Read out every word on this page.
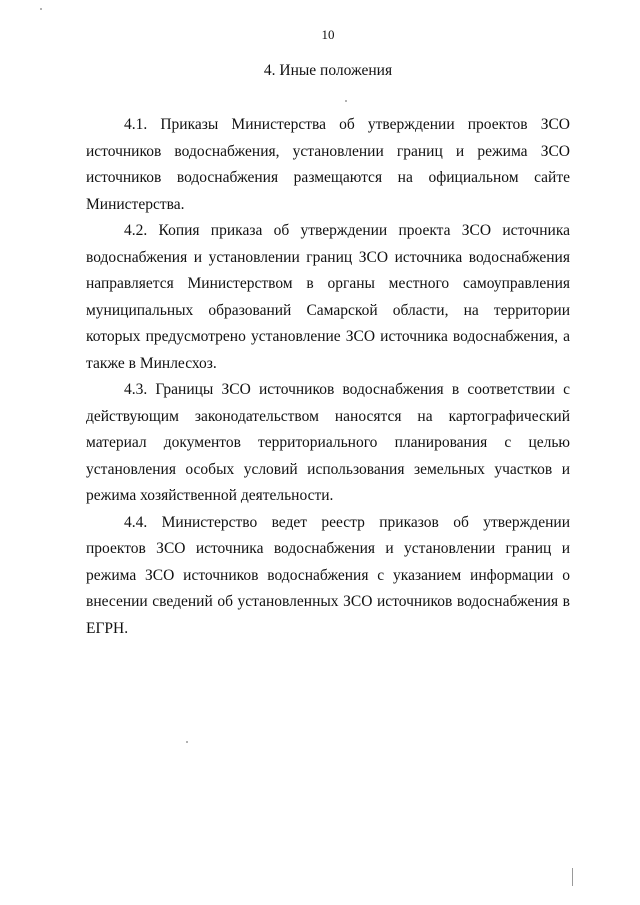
10
4. Иные положения

4.1. Приказы Министерства об утверждении проектов ЗСО источников водоснабжения, установлении границ и режима ЗСО источников водоснабжения размещаются на официальном сайте Министерства.

4.2. Копия приказа об утверждении проекта ЗСО источника водоснабжения и установлении границ ЗСО источника водоснабжения направляется Министерством в органы местного самоуправления муниципальных образований Самарской области, на территории которых предусмотрено установление ЗСО источника водоснабжения, а также в Минлесхоз.

4.3. Границы ЗСО источников водоснабжения в соответствии с действующим законодательством наносятся на картографический материал документов территориального планирования с целью установления особых условий использования земельных участков и режима хозяйственной деятельности.

4.4. Министерство ведет реестр приказов об утверждении проектов ЗСО источника водоснабжения и установлении границ и режима ЗСО источников водоснабжения с указанием информации о внесении сведений об установленных ЗСО источников водоснабжения в ЕГРН.
